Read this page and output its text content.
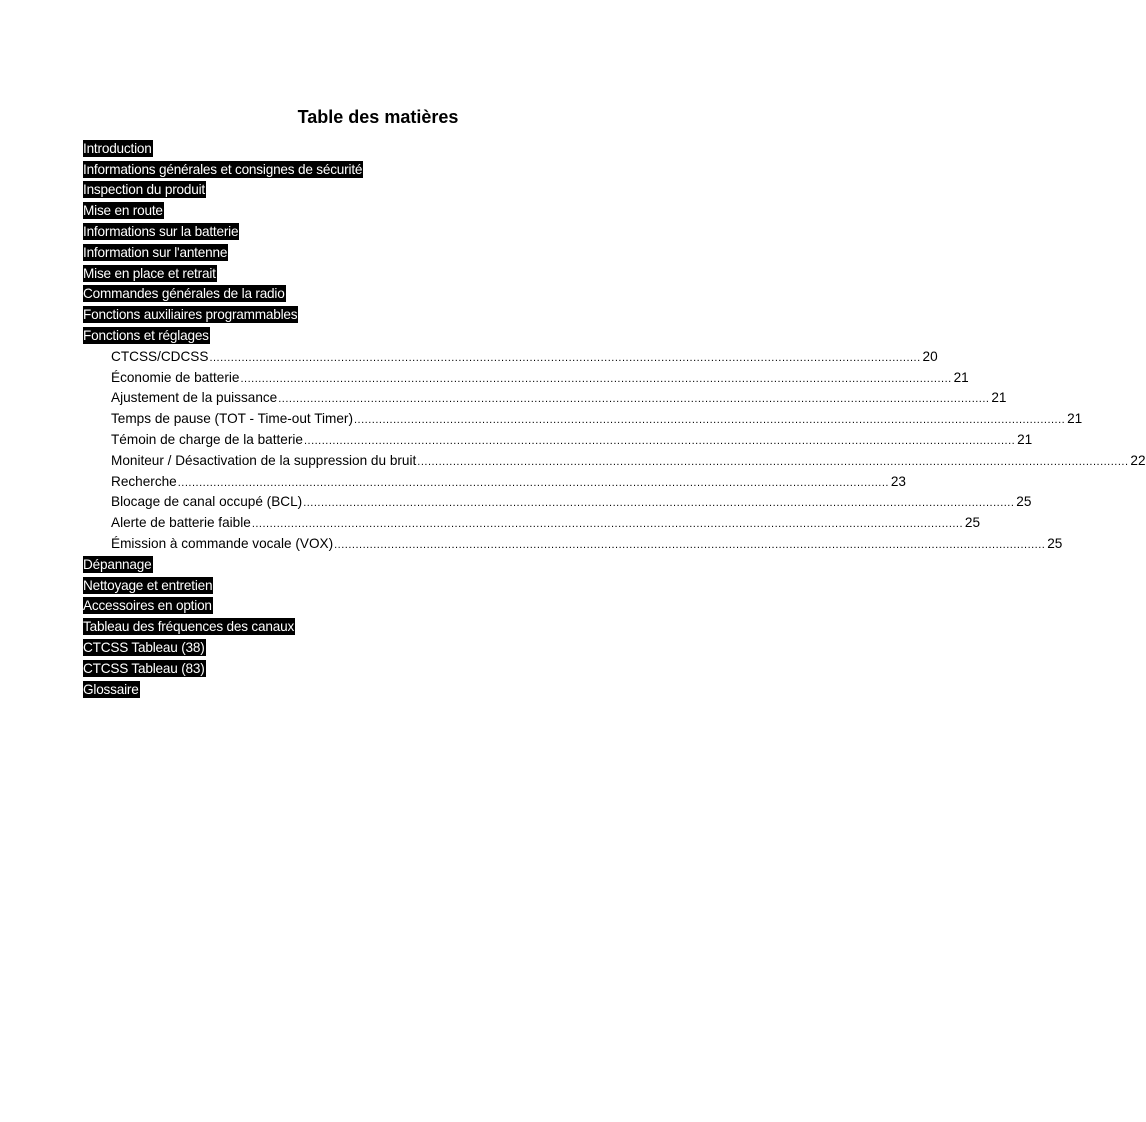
Table des matières
Introduction
Informations générales et consignes de sécurité
Inspection du produit
Mise en route
Informations sur la batterie
Information sur l'antenne
Mise en place et retrait
Commandes générales de la radio
Fonctions auxiliaires programmables
Fonctions et réglages
CTCSS/CDCSS ........................................................................................................................................................................................................ 20
Économie de batterie ........................................................................................................................................................................................................ 21
Ajustement de la puissance ........................................................................................................................................................................................................ 21
Temps de pause (TOT - Time-out Timer) ........................................................................................................................................................................................................ 21
Témoin de charge de la batterie ........................................................................................................................................................................................................ 21
Moniteur / Désactivation de la suppression du bruit ........................................................................................................................................................................................................ 22
Recherche ........................................................................................................................................................................................................ 23
Blocage de canal occupé (BCL) ........................................................................................................................................................................................................ 25
Alerte de batterie faible ........................................................................................................................................................................................................ 25
Émission à commande vocale (VOX) ........................................................................................................................................................................................................ 25
Dépannage
Nettoyage et entretien
Accessoires en option
Tableau des fréquences des canaux
CTCSS Tableau (38)
CTCSS Tableau (83)
Glossaire
